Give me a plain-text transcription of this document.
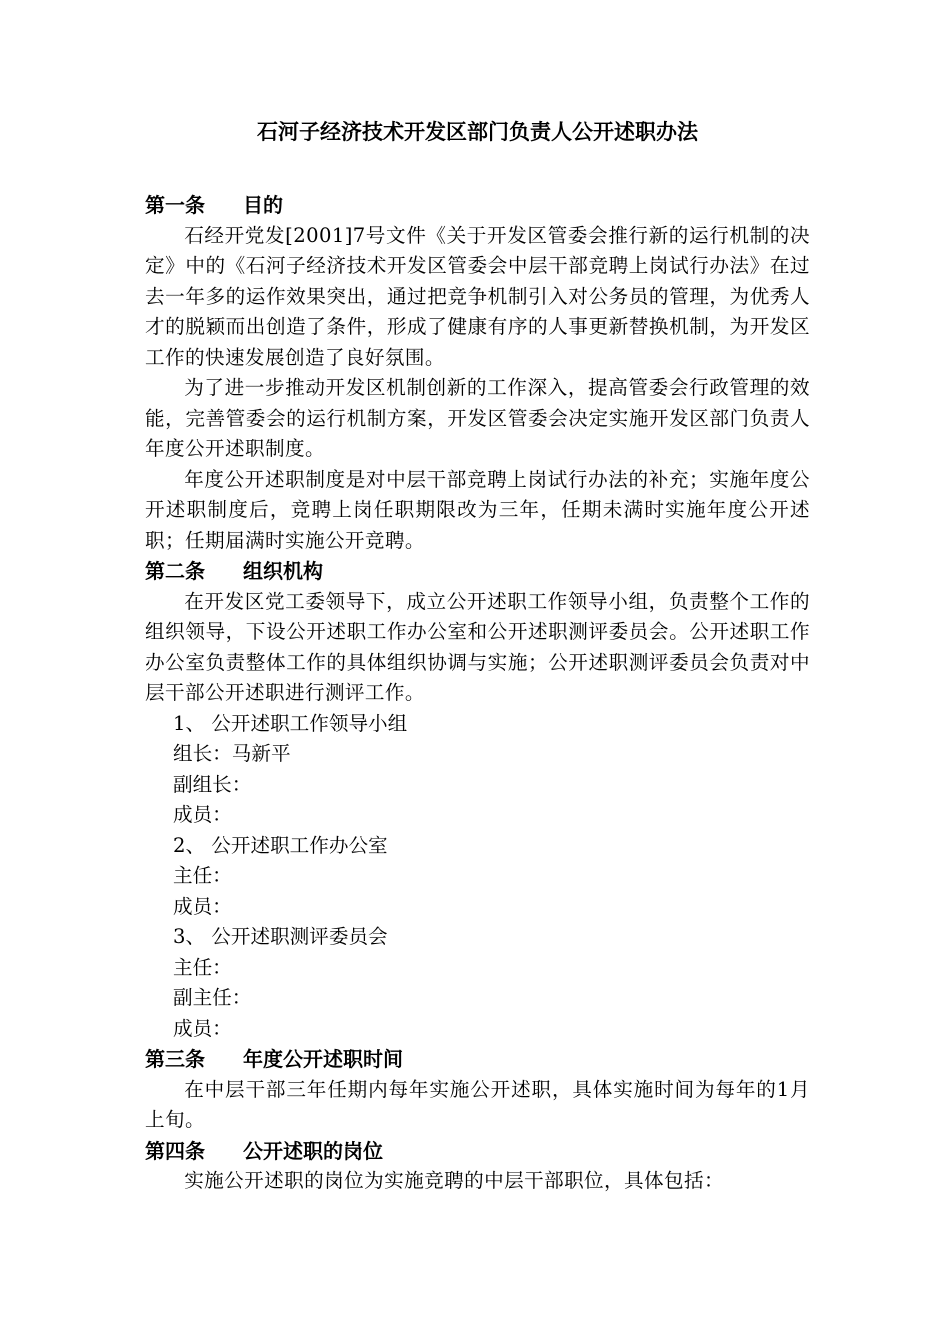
石河子经济技术开发区部门负责人公开述职办法
第一条 目的

石经开党发[2001]7号文件《关于开发区管委会推行新的运行机制的决定》中的《石河子经济技术开发区管委会中层干部竞聘上岗试行办法》在过去一年多的运作效果突出，通过把竞争机制引入对公务员的管理，为优秀人才的脱颖而出创造了条件，形成了健康有序的人事更新替换机制，为开发区工作的快速发展创造了良好氛围。

为了进一步推动开发区机制创新的工作深入，提高管委会行政管理的效能，完善管委会的运行机制方案，开发区管委会决定实施开发区部门负责人年度公开述职制度。

年度公开述职制度是对中层干部竞聘上岗试行办法的补充；实施年度公开述职制度后，竞聘上岗任职期限改为三年，任期未满时实施年度公开述职；任期届满时实施公开竞聘。

第二条 组织机构

在开发区党工委领导下，成立公开述职工作领导小组，负责整个工作的组织领导，下设公开述职工作办公室和公开述职测评委员会。公开述职工作办公室负责整体工作的具体组织协调与实施；公开述职测评委员会负责对中层干部公开述职进行测评工作。

1、 公开述职工作领导小组
组长：马新平
副组长：
成员：
2、 公开述职工作办公室
主任：
成员：
3、 公开述职测评委员会
主任：
副主任：
成员：
第三条 年度公开述职时间

在中层干部三年任期内每年实施公开述职，具体实施时间为每年的1月上旬。

第四条 公开述职的岗位

实施公开述职的岗位为实施竞聘的中层干部职位，具体包括：
